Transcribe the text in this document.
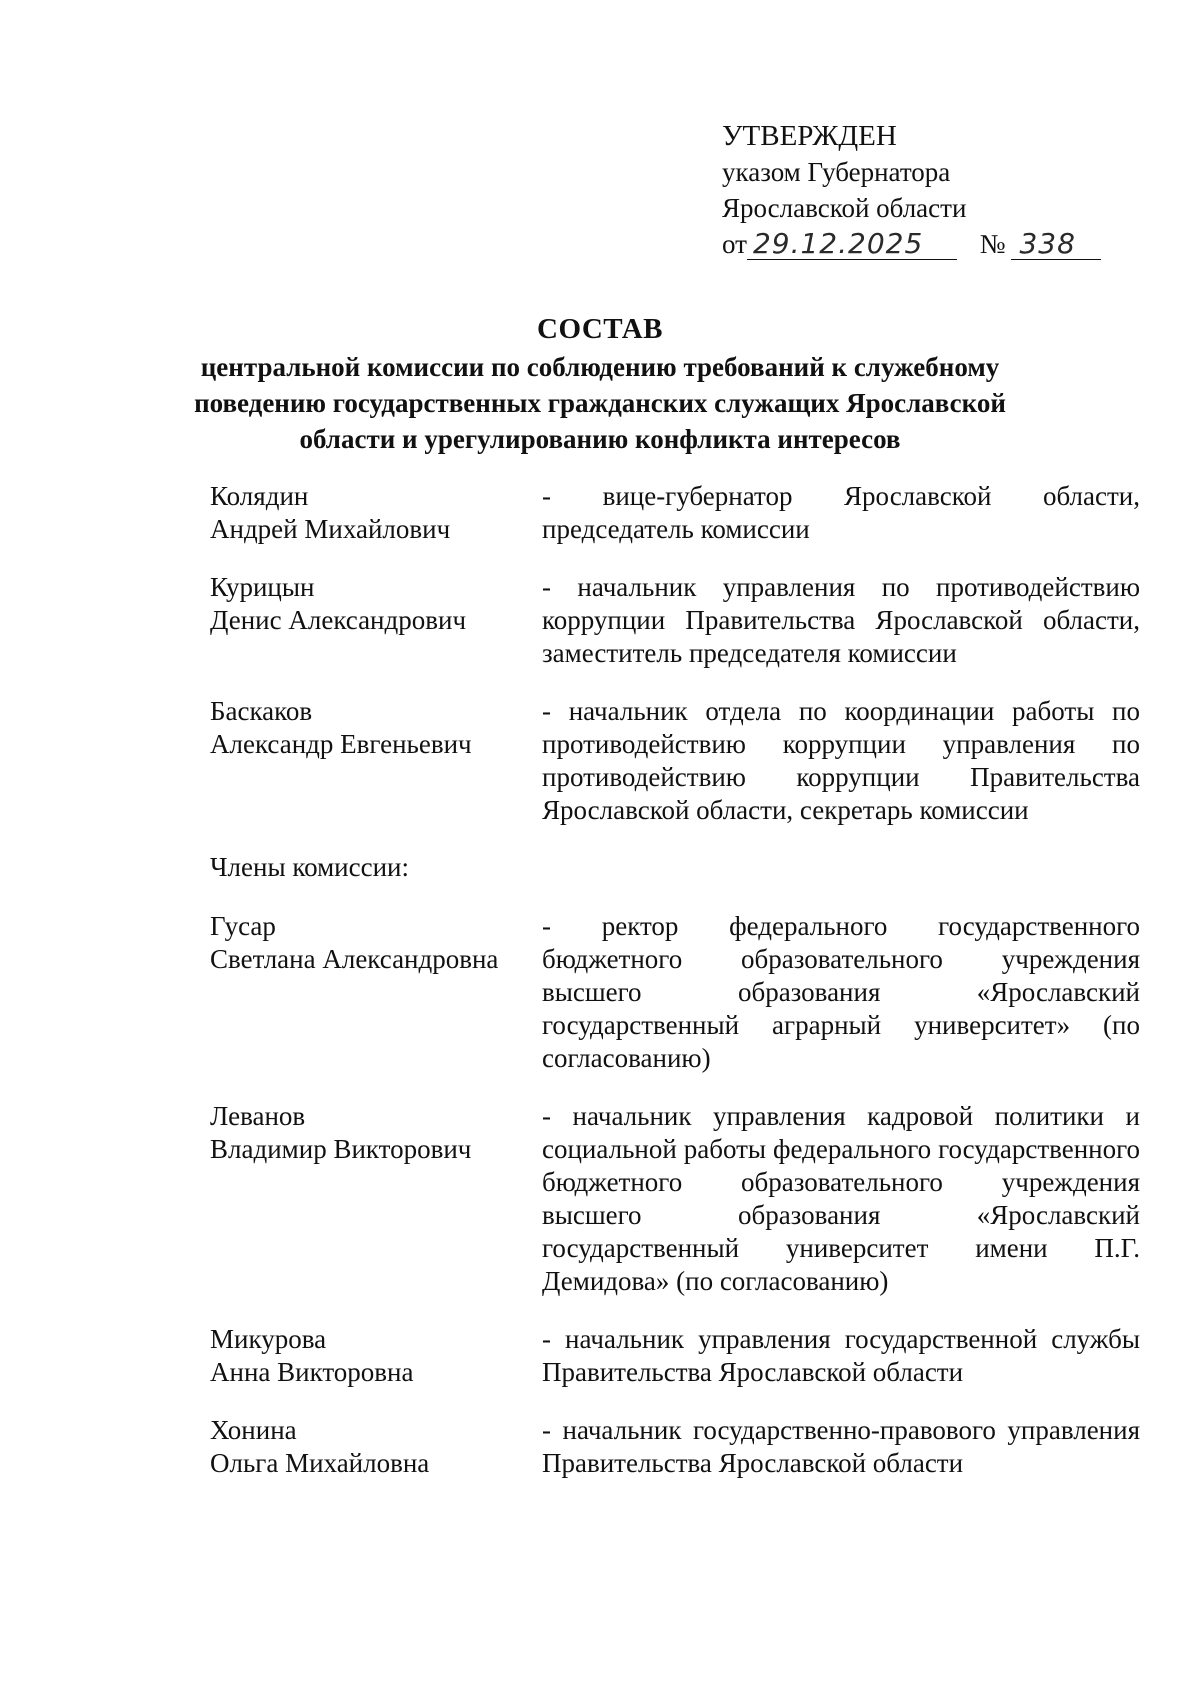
УТВЕРЖДЕН
указом Губернатора
Ярославской области
от 29.12.2025 № 338
СОСТАВ
центральной комиссии по соблюдению требований к служебному
поведению государственных гражданских служащих Ярославской
области и урегулированию конфликта интересов
Колядин
Андрей Михайлович
- вице-губернатор Ярославской области, председатель комиссии
Курицын
Денис Александрович
- начальник управления по противодействию коррупции Правительства Ярославской области, заместитель председателя комиссии
Баскаков
Александр Евгеньевич
- начальник отдела по координации работы по противодействию коррупции управления по противодействию коррупции Правительства Ярославской области, секретарь комиссии
Члены комиссии:
Гусар
Светлана Александровна
- ректор федерального государственного бюджетного образовательного учреждения высшего образования «Ярославский государственный аграрный университет» (по согласованию)
Леванов
Владимир Викторович
- начальник управления кадровой политики и социальной работы федерального государственного бюджетного образовательного учреждения высшего образования «Ярославский государственный университет имени П.Г. Демидова» (по согласованию)
Микурова
Анна Викторовна
- начальник управления государственной службы Правительства Ярославской области
Хонина
Ольга Михайловна
- начальник государственно-правового управления Правительства Ярославской области
